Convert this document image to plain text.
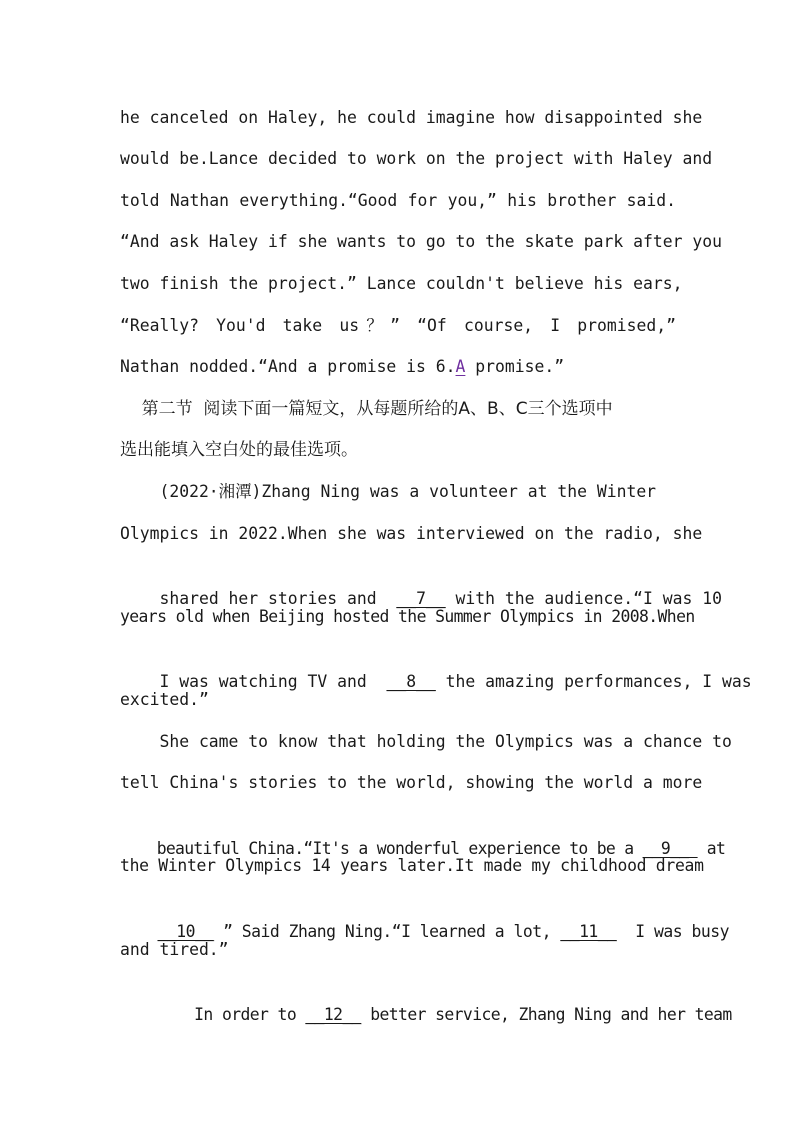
he canceled on Haley, he could imagine how disappointed she
would be.Lance decided to work on the project with Haley and
told Nathan everything.“Good for you,” his brother said.
“And ask Haley if she wants to go to the skate park after you
two finish the project.” Lance couldn't believe his ears,
“Really? You'd take us？” “Of course, I promised,”
Nathan nodded.“And a promise is 6.A promise.”
第二节  阅读下面一篇短文，从每题所给的A、B、C三个选项中
选出能填入空白处的最佳选项。
(2022·湘潭)Zhang Ning was a volunteer at the Winter
Olympics in 2022.When she was interviewed on the radio, she

shared her stories and  __7__ with the audience.“I was 10

years old when Beijing hosted the Summer Olympics in 2008.When

I was watching TV and  __8__ the amazing performances, I was

excited.”
She came to know that holding the Olympics was a chance to
tell China's stories to the world, showing the world a more

beautiful China.“It's a wonderful experience to be a __9__  at

the Winter Olympics 14 years later.It made my childhood dream

__10__ ” Said Zhang Ning.“I learned a lot, __11__  I was busy

and tired.”

In order to __12__ better service, Zhang Ning and her team
